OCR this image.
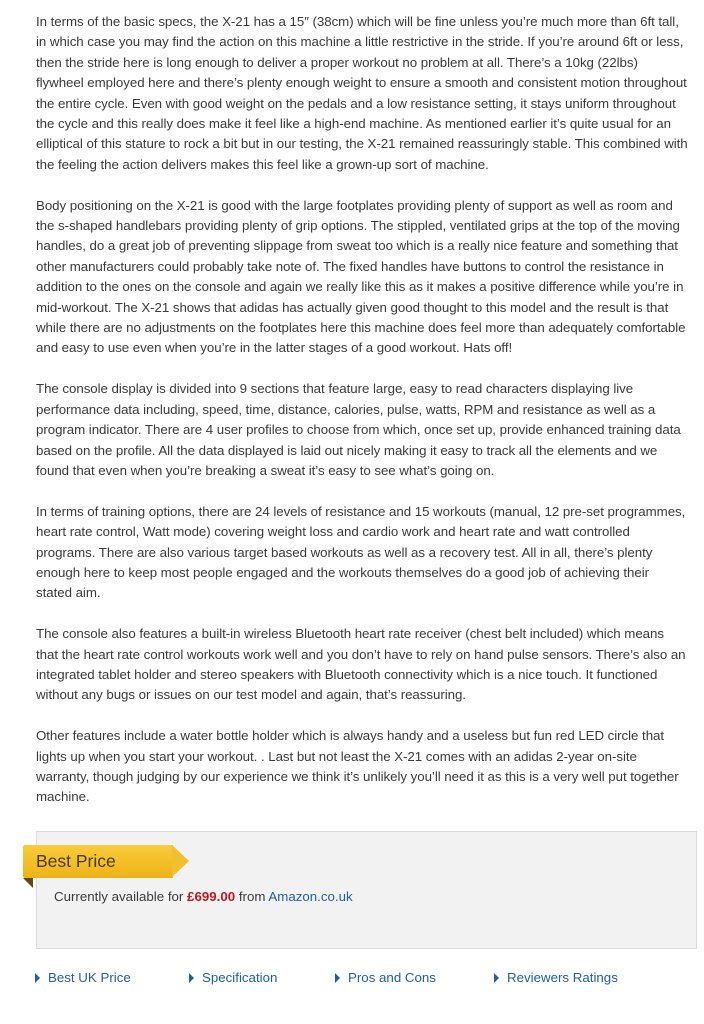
In terms of the basic specs, the X-21 has a 15″ (38cm) which will be fine unless you’re much more than 6ft tall, in which case you may find the action on this machine a little restrictive in the stride. If you’re around 6ft or less, then the stride here is long enough to deliver a proper workout no problem at all. There’s a 10kg (22lbs) flywheel employed here and there’s plenty enough weight to ensure a smooth and consistent motion throughout the entire cycle. Even with good weight on the pedals and a low resistance setting, it stays uniform throughout the cycle and this really does make it feel like a high-end machine. As mentioned earlier it’s quite usual for an elliptical of this stature to rock a bit but in our testing, the X-21 remained reassuringly stable. This combined with the feeling the action delivers makes this feel like a grown-up sort of machine.

Body positioning on the X-21 is good with the large footplates providing plenty of support as well as room and the s-shaped handlebars providing plenty of grip options. The stippled, ventilated grips at the top of the moving handles, do a great job of preventing slippage from sweat too which is a really nice feature and something that other manufacturers could probably take note of. The fixed handles have buttons to control the resistance in addition to the ones on the console and again we really like this as it makes a positive difference while you’re in mid-workout. The X-21 shows that adidas has actually given good thought to this model and the result is that while there are no adjustments on the footplates here this machine does feel more than adequately comfortable and easy to use even when you’re in the latter stages of a good workout. Hats off!

The console display is divided into 9 sections that feature large, easy to read characters displaying live performance data including, speed, time, distance, calories, pulse, watts, RPM and resistance as well as a program indicator. There are 4 user profiles to choose from which, once set up, provide enhanced training data based on the profile. All the data displayed is laid out nicely making it easy to track all the elements and we found that even when you’re breaking a sweat it’s easy to see what’s going on.

In terms of training options, there are 24 levels of resistance and 15 workouts (manual, 12 pre-set programmes, heart rate control, Watt mode) covering weight loss and cardio work and heart rate and watt controlled programs. There are also various target based workouts as well as a recovery test. All in all, there’s plenty enough here to keep most people engaged and the workouts themselves do a good job of achieving their stated aim.

The console also features a built-in wireless Bluetooth heart rate receiver (chest belt included) which means that the heart rate control workouts work well and you don’t have to rely on hand pulse sensors. There’s also an integrated tablet holder and stereo speakers with Bluetooth connectivity which is a nice touch. It functioned without any bugs or issues on our test model and again, that’s reassuring.

Other features include a water bottle holder which is always handy and a useless but fun red LED circle that lights up when you start your workout. . Last but not least the X-21 comes with an adidas 2-year on-site warranty, though judging by our experience we think it’s unlikely you’ll need it as this is a very well put together machine.

Best Price
Currently available for £699.00 from Amazon.co.uk
Best UK Price	Specification	Pros and Cons	Reviewers Ratings
